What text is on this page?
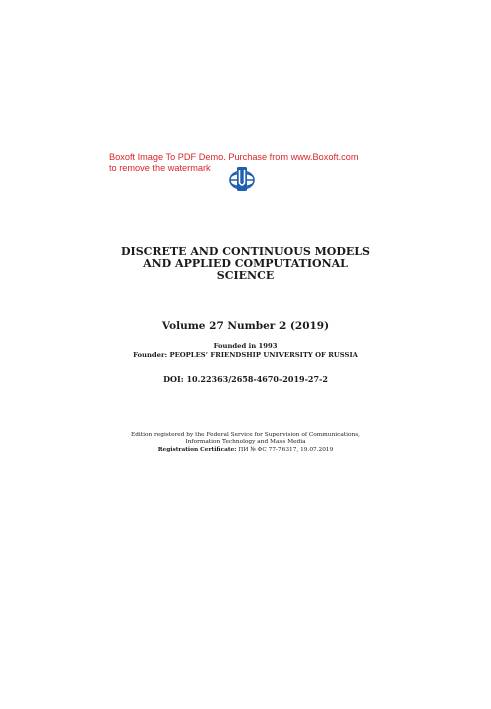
Boxoft Image To PDF Demo. Purchase from www.Boxoft.com
to remove the watermark
DISCRETE AND CONTINUOUS MODELS
AND APPLIED COMPUTATIONAL
SCIENCE
Volume 27 Number 2 (2019)
Founded in 1993
Founder: PEOPLES’ FRIENDSHIP UNIVERSITY OF RUSSIA
DOI: 10.22363/2658-4670-2019-27-2
Edition registered by the Federal Service for Supervision of Communications,
Information Technology and Mass Media
Registration Certificate: ПИ № ФС 77-76317, 19.07.2019
